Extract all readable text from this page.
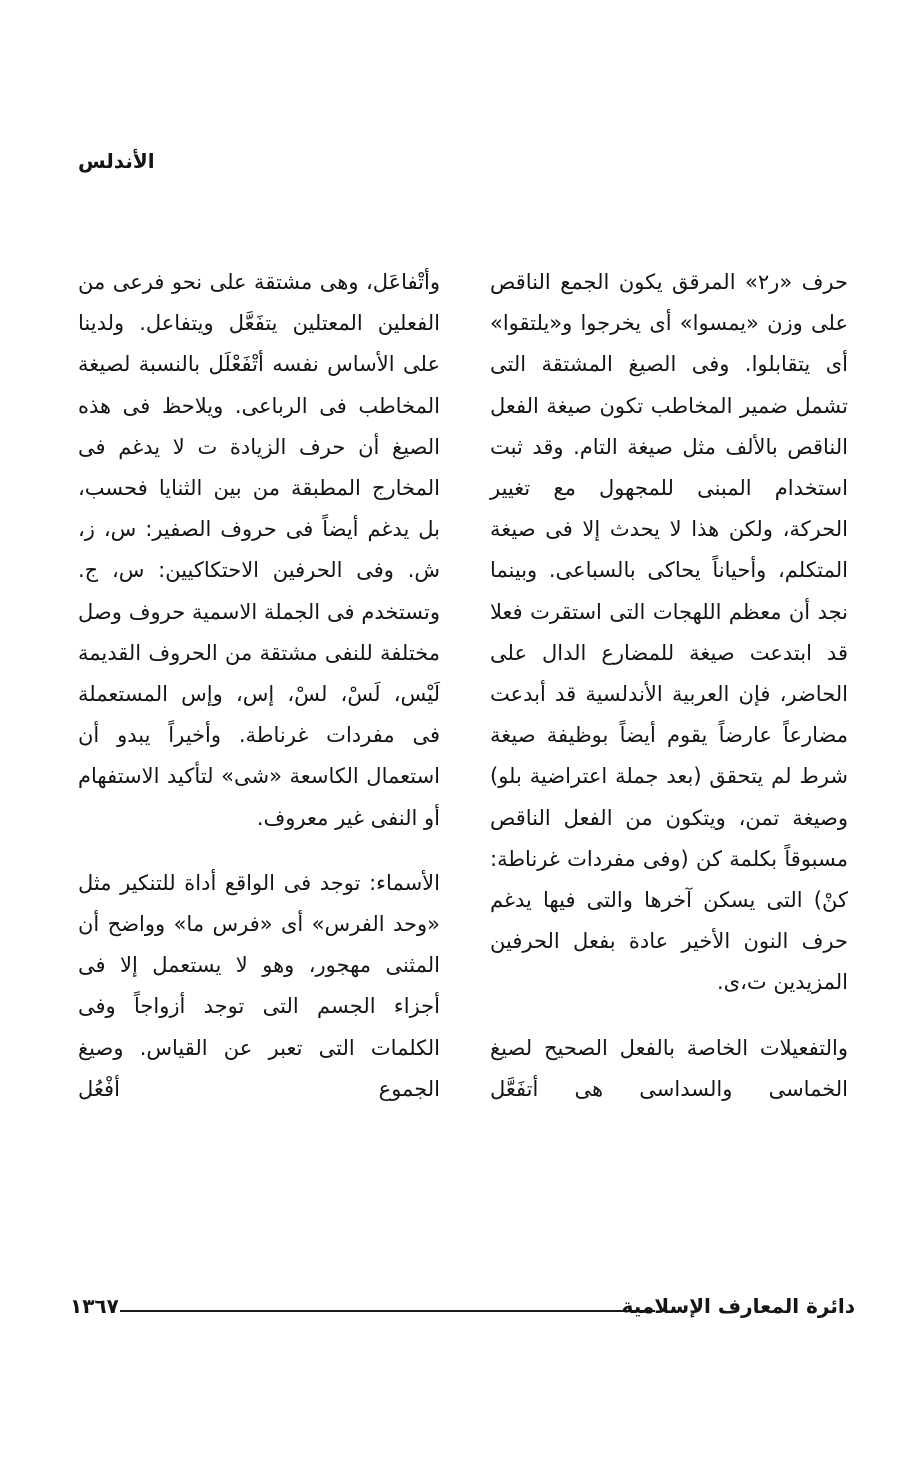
الأندلس

حرف «ر٢» المرقق يكون الجمع الناقص على وزن «يمسوا» أى يخرجوا و«يلتقوا» أى يتقابلوا. وفى الصيغ المشتقة التى تشمل ضمير المخاطب تكون صيغة الفعل الناقص بالألف مثل صيغة التام. وقد ثبت استخدام المبنى للمجهول مع تغيير الحركة، ولكن هذا لا يحدث إلا فى صيغة المتكلم، وأحياناً يحاكى بالسباعى. وبينما نجد أن معظم اللهجات التى استقرت فعلا قد ابتدعت صيغة للمضارع الدال على الحاضر، فإن العربية الأندلسية قد أبدعت مضارعاً عارضاً يقوم أيضاً بوظيفة صيغة شرط لم يتحقق (بعد جملة اعتراضية بلو) وصيغة تمن، ويتكون من الفعل الناقص مسبوقاً بكلمة كن (وفى مفردات غرناطة: كنْ) التى يسكن آخرها والتى فيها يدغم حرف النون الأخير عادة بفعل الحرفين المزيدين ت،ى.

والتفعيلات الخاصة بالفعل الصحيح لصيغ الخماسى والسداسى هى أتفَعَّل

وأتْفاعَل، وهى مشتقة على نحو فرعى من الفعلين المعتلين يتفَعَّل ويتفاعل. ولدينا على الأساس نفسه أتْفَعْلَل بالنسبة لصيغة المخاطب فى الرباعى. ويلاحظ فى هذه الصيغ أن حرف الزيادة ت لا يدغم فى المخارج المطبقة من بين الثنايا فحسب، بل يدغم أيضاً فى حروف الصفير: س، ز، ش. وفى الحرفين الاحتكاكيين: س، ج. وتستخدم فى الجملة الاسمية حروف وصل مختلفة للنفى مشتقة من الحروف القديمة لَيْس، لَسْ، لسْ، إس، وإس المستعملة فى مفردات غرناطة. وأخيراً يبدو أن استعمال الكاسعة «شى» لتأكيد الاستفهام أو النفى غير معروف.

الأسماء: توجد فى الواقع أداة للتنكير مثل «وحد الفرس» أى «فرس ما» وواضح أن المثنى مهجور، وهو لا يستعمل إلا فى أجزاء الجسم التى توجد أزواجاً وفى الكلمات التى تعبر عن القياس. وصيغ الجموع أفْعُل

١٣٦٧	دائرة المعارف الإسلامية
